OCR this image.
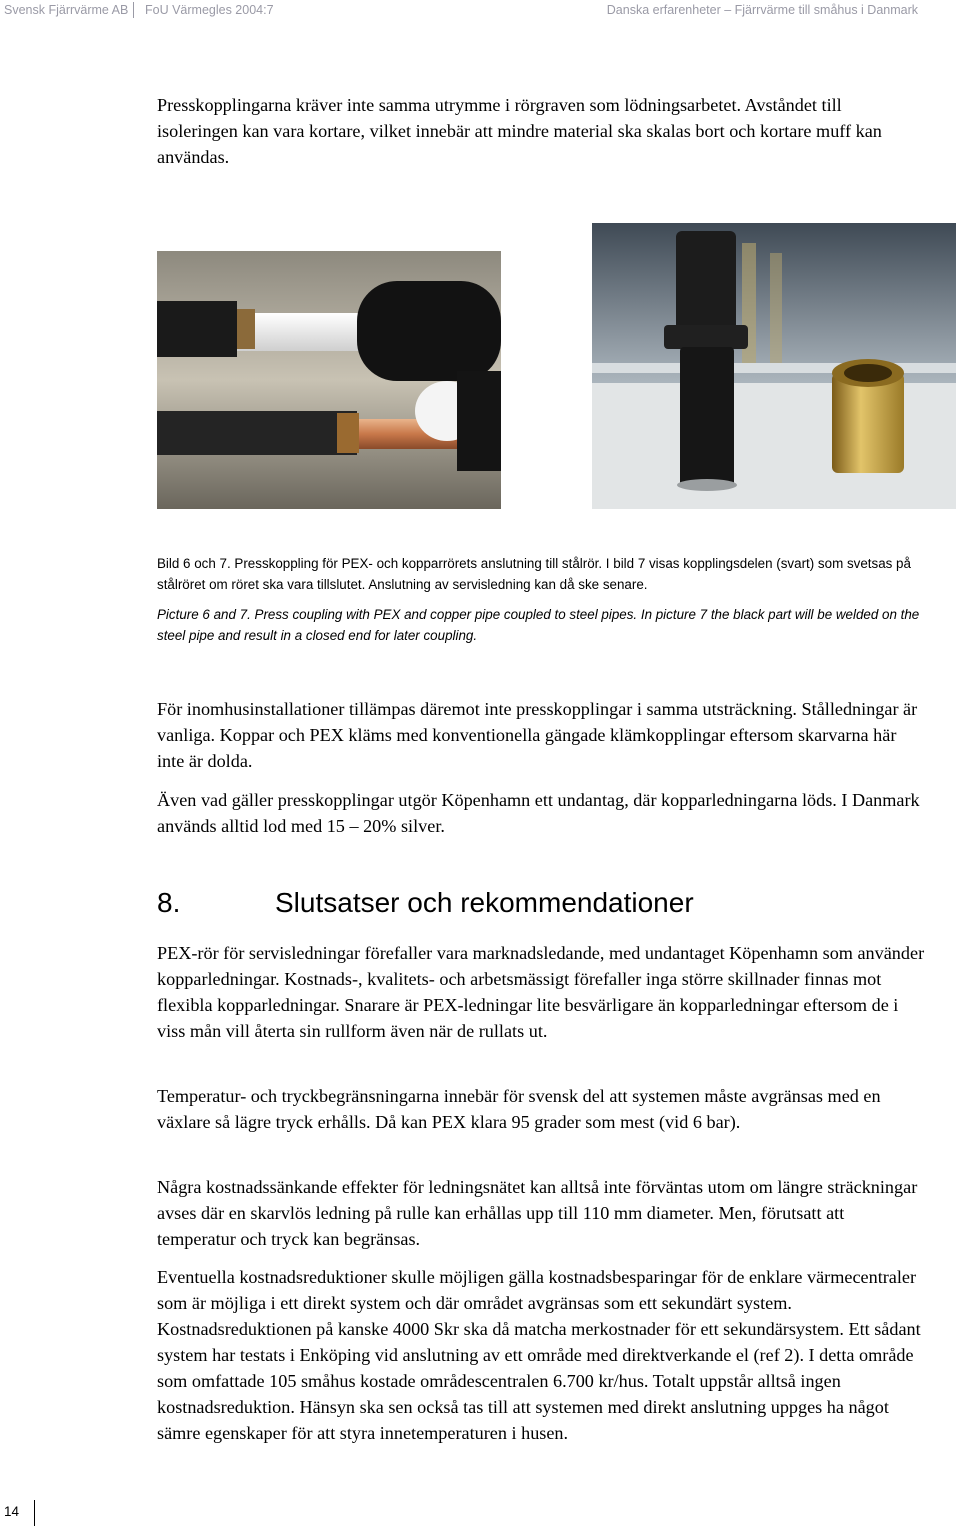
Svensk Fjärrvärme AB FoU Värmegles 2004:7	Danska erfarenheter – Fjärrvärme till småhus i Danmark

Presskopplingarna kräver inte samma utrymme i rörgraven som lödningsarbetet. Avståndet till isoleringen kan vara kortare, vilket innebär att mindre material ska skalas bort och kortare muff kan användas.

Bild 6 och 7. Presskoppling för PEX- och kopparrörets anslutning till stålrör. I bild 7 visas kopplingsdelen (svart) som svetsas på stålröret om röret ska vara tillslutet. Anslutning av servisledning kan då ske senare.

Picture 6 and 7. Press coupling with PEX and copper pipe coupled to steel pipes. In picture 7 the black part will be welded on the steel pipe and result in a closed end for later coupling.

För inomhusinstallationer tillämpas däremot inte presskopplingar i samma utsträckning. Stålledningar är vanliga. Koppar och PEX kläms med konventionella gängade klämkopplingar eftersom skarvarna här inte är dolda.

Även vad gäller presskopplingar utgör Köpenhamn ett undantag, där kopparledningarna löds. I Danmark används alltid lod med 15 – 20% silver.

8.	Slutsatser och rekommendationer

PEX-rör för servisledningar förefaller vara marknadsledande, med undantaget Köpenhamn som använder kopparledningar. Kostnads-, kvalitets- och arbetsmässigt förefaller inga större skillnader finnas mot flexibla kopparledningar. Snarare är PEX-ledningar lite besvärligare än kopparledningar eftersom de i viss mån vill återta sin rullform även när de rullats ut.

Temperatur- och tryckbegränsningarna innebär för svensk del att systemen måste avgränsas med en växlare så lägre tryck erhålls. Då kan PEX klara 95 grader som mest (vid 6 bar).

Några kostnadssänkande effekter för ledningsnätet kan alltså inte förväntas utom om längre sträckningar avses där en skarvlös ledning på rulle kan erhållas upp till 110 mm diameter. Men, förutsatt att temperatur och tryck kan begränsas.

Eventuella kostnadsreduktioner skulle möjligen gälla kostnadsbesparingar för de enklare värmecentraler som är möjliga i ett direkt system och där området avgränsas som ett sekundärt system. Kostnadsreduktionen på kanske 4000 Skr ska då matcha merkostnader för ett sekundärsystem. Ett sådant system har testats i Enköping vid anslutning av ett område med direktverkande el (ref 2). I detta område som omfattade 105 småhus kostade områdescentralen 6.700 kr/hus. Totalt uppstår alltså ingen kostnadsreduktion. Hänsyn ska sen också tas till att systemen med direkt anslutning uppges ha något sämre egenskaper för att styra innetemperaturen i husen.

14
